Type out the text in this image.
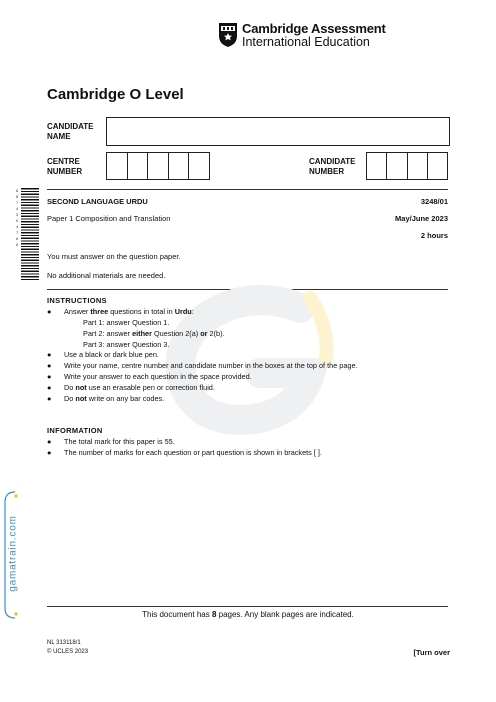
Cambridge Assessment
International Education
Cambridge O Level
CANDIDATE
NAME
CENTRE
NUMBER
CANDIDATE
NUMBER
6874304765
SECOND LANGUAGE URDU	3248/01
Paper 1 Composition and Translation	May/June 2023
2 hours
You must answer on the question paper.
No additional materials are needed.
INSTRUCTIONS
● Answer three questions in total in Urdu:
Part 1: answer Question 1.
Part 2: answer either Question 2(a) or 2(b).
Part 3: answer Question 3.
● Use a black or dark blue pen.
● Write your name, centre number and candidate number in the boxes at the top of the page.
● Write your answer to each question in the space provided.
● Do not use an erasable pen or correction fluid.
● Do not write on any bar codes.
INFORMATION
● The total mark for this paper is 55.
● The number of marks for each question or part question is shown in brackets [ ].
gamatrain.com
This document has 8 pages. Any blank pages are indicated.
NL 313118/1
© UCLES 2023	[Turn over
